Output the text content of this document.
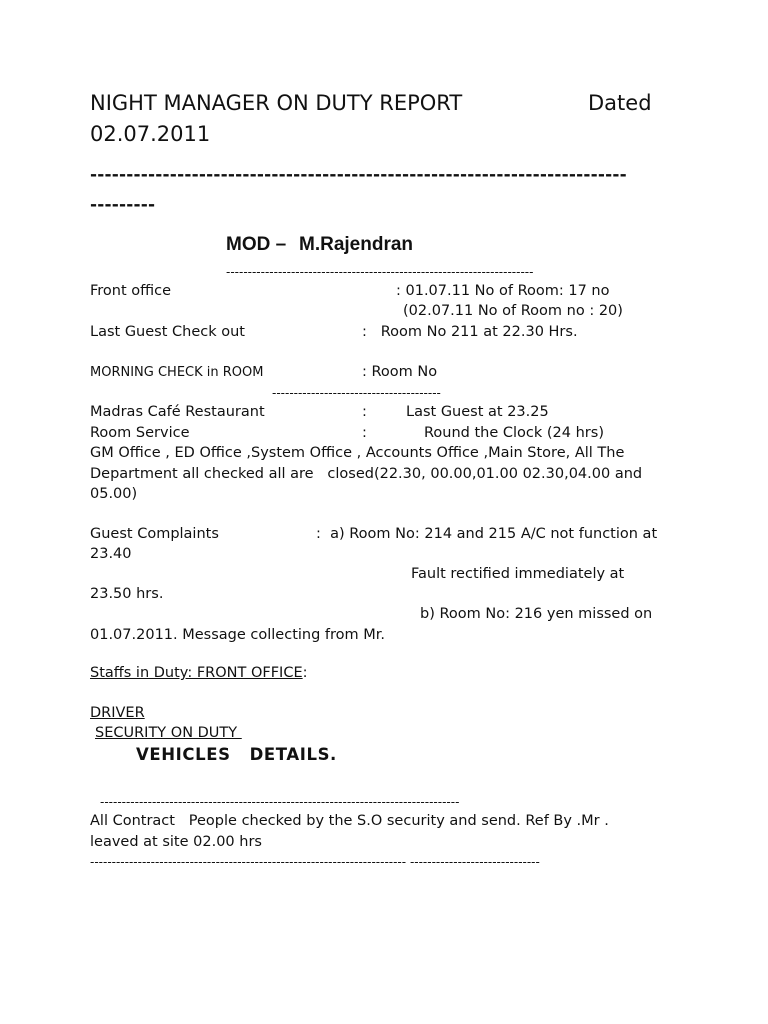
NIGHT MANAGER ON DUTY REPORT	Dated
02.07.2011
--------------------------------------------------------------------------
---------
MOD – M.Rajendran
-----------------------------------------------------------------------
Front office	: 01.07.11 No of Room: 17 no
(02.07.11 No of Room no : 20)
Last Guest Check out	:   Room No 211 at 22.30 Hrs.
MORNING CHECK in ROOM	: Room No
---------------------------------------
Madras Café Restaurant	:	Last Guest at 23.25
Room Service	:	Round the Clock (24 hrs)
GM Office , ED Office ,System Office , Accounts Office ,Main Store, All The
Department all checked all are   closed(22.30, 00.00,01.00 02.30,04.00 and
05.00)
Guest Complaints	:  a) Room No: 214 and 215 A/C not function at
23.40
Fault rectified immediately at
23.50 hrs.
b) Room No: 216 yen missed on
01.07.2011. Message collecting from Mr.
Staffs in Duty: FRONT OFFICE:
DRIVER
SECURITY ON DUTY
VEHICLES   DETAILS.
-----------------------------------------------------------------------------------
All Contract   People checked by the S.O security and send. Ref By .Mr .
leaved at site 02.00 hrs
------------------------------------------------------------------------- ------------------------------
